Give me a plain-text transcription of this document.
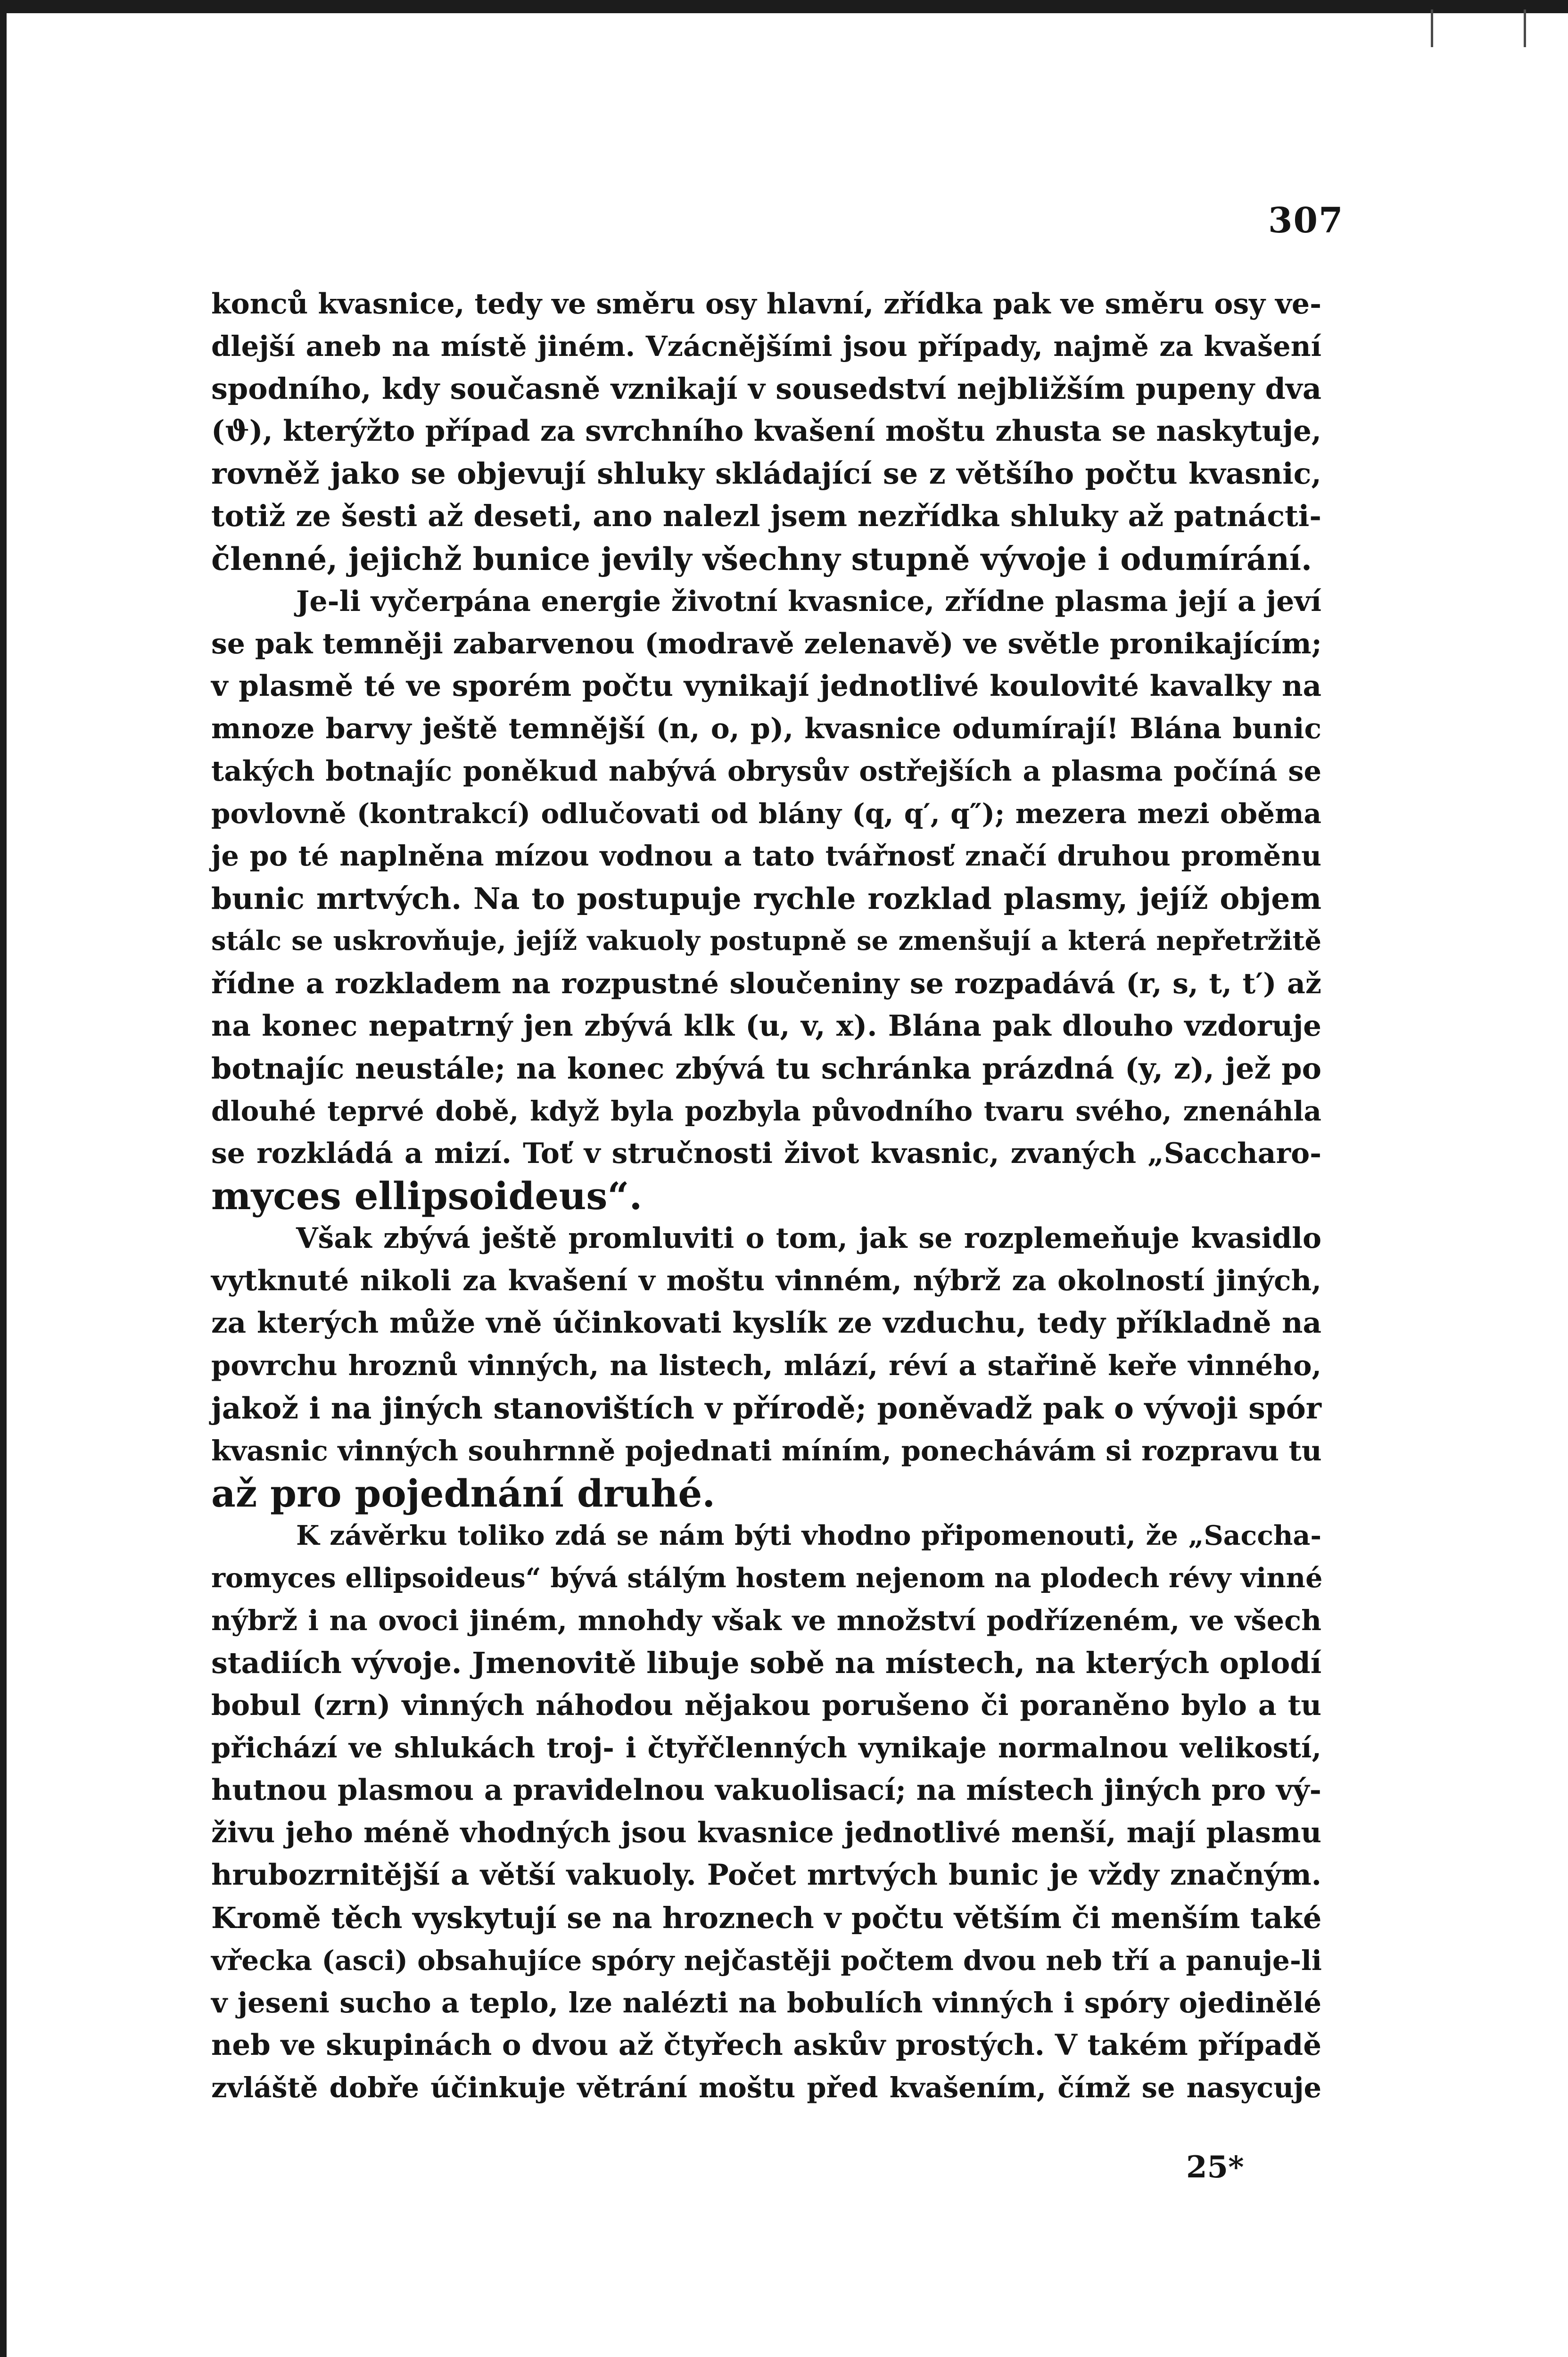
307
konců kvasnice, tedy ve směru osy hlavní, zřídka pak ve směru osy ve-
dlejší aneb na místě jiném. Vzácnějšími jsou případy, najmě za kvašení
spodního, kdy současně vznikají v sousedství nejbližším pupeny dva
(ϑ), kterýžto případ za svrchního kvašení moštu zhusta se naskytuje,
rovněž jako se objevují shluky skládající se z většího počtu kvasnic,
totiž ze šesti až deseti, ano nalezl jsem nezřídka shluky až patnácti-
členné, jejichž bunice jevily všechny stupně vývoje i odumírání.
Je-li vyčerpána energie životní kvasnice, zřídne plasma její a jeví
se pak temněji zabarvenou (modravě zelenavě) ve světle pronikajícím;
v plasmě té ve sporém počtu vynikají jednotlivé koulovité kavalky na
mnoze barvy ještě temnější (n, o, p), kvasnice odumírají! Blána bunic
takých botnajíc poněkud nabývá obrysův ostřejších a plasma počíná se
povlovně (kontrakcí) odlučovati od blány (q, q′, q″); mezera mezi oběma
je po té naplněna mízou vodnou a tato tvářnosť značí druhou proměnu
bunic mrtvých. Na to postupuje rychle rozklad plasmy, jejíž objem
stálc se uskrovňuje, jejíž vakuoly postupně se zmenšují a která nepřetržitě
řídne a rozkladem na rozpustné sloučeniny se rozpadává (r, s, t, t′) až
na konec nepatrný jen zbývá klk (u, v, x). Blána pak dlouho vzdoruje
botnajíc neustále; na konec zbývá tu schránka prázdná (y, z), jež po
dlouhé teprvé době, když byla pozbyla původního tvaru svého, znenáhla
se rozkládá a mizí. Toť v stručnosti život kvasnic, zvaných „Saccharo-
myces ellipsoideus“.
Však zbývá ještě promluviti o tom, jak se rozplemeňuje kvasidlo
vytknuté nikoli za kvašení v moštu vinném, nýbrž za okolností jiných,
za kterých může vně účinkovati kyslík ze vzduchu, tedy příkladně na
povrchu hroznů vinných, na listech, mlází, réví a stařině keře vinného,
jakož i na jiných stanovištích v přírodě; poněvadž pak o vývoji spór
kvasnic vinných souhrnně pojednati míním, ponechávám si rozpravu tu
až pro pojednání druhé.
K závěrku toliko zdá se nám býti vhodno připomenouti, že „Saccha-
romyces ellipsoideus“ bývá stálým hostem nejenom na plodech révy vinné
nýbrž i na ovoci jiném, mnohdy však ve množství podřízeném, ve všech
stadiích vývoje. Jmenovitě libuje sobě na místech, na kterých oplodí
bobul (zrn) vinných náhodou nějakou porušeno či poraněno bylo a tu
přichází ve shlukách troj- i čtyřčlenných vynikaje normalnou velikostí,
hutnou plasmou a pravidelnou vakuolisací; na místech jiných pro vý-
živu jeho méně vhodných jsou kvasnice jednotlivé menší, mají plasmu
hrubozrnitější a větší vakuoly. Počet mrtvých bunic je vždy značným.
Kromě těch vyskytují se na hroznech v počtu větším či menším také
vřecka (asci) obsahujíce spóry nejčastěji počtem dvou neb tří a panuje-li
v jeseni sucho a teplo, lze nalézti na bobulích vinných i spóry ojedinělé
neb ve skupinách o dvou až čtyřech askův prostých. V takém případě
zvláště dobře účinkuje větrání moštu před kvašením, čímž se nasycuje
25*
